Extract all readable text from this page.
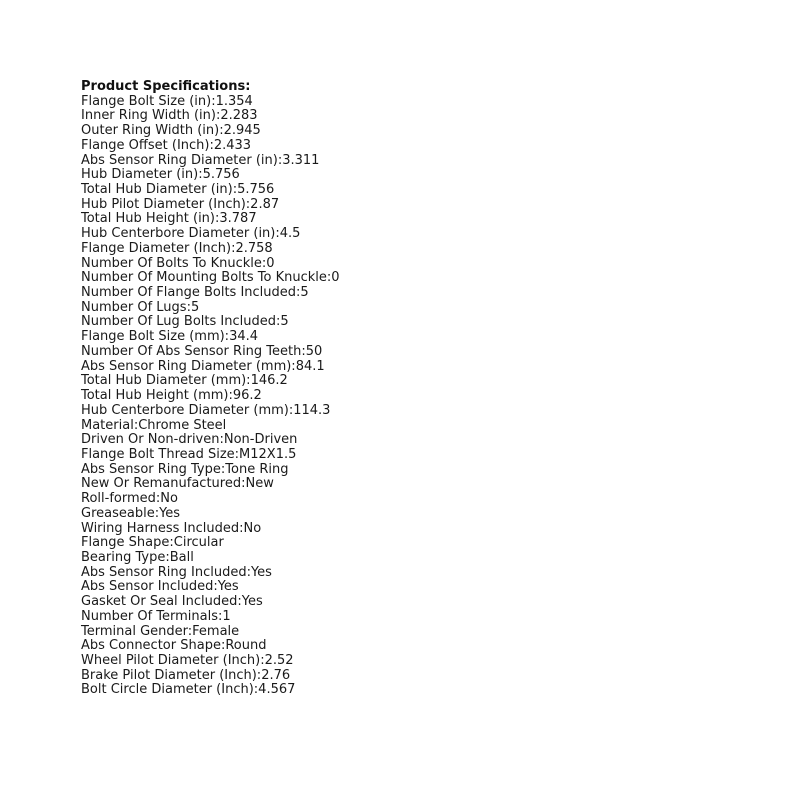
Product Specifications:
Flange Bolt Size (in):1.354
Inner Ring Width (in):2.283
Outer Ring Width (in):2.945
Flange Offset (Inch):2.433
Abs Sensor Ring Diameter (in):3.311
Hub Diameter (in):5.756
Total Hub Diameter (in):5.756
Hub Pilot Diameter (Inch):2.87
Total Hub Height (in):3.787
Hub Centerbore Diameter (in):4.5
Flange Diameter (Inch):2.758
Number Of Bolts To Knuckle:0
Number Of Mounting Bolts To Knuckle:0
Number Of Flange Bolts Included:5
Number Of Lugs:5
Number Of Lug Bolts Included:5
Flange Bolt Size (mm):34.4
Number Of Abs Sensor Ring Teeth:50
Abs Sensor Ring Diameter (mm):84.1
Total Hub Diameter (mm):146.2
Total Hub Height (mm):96.2
Hub Centerbore Diameter (mm):114.3
Material:Chrome Steel
Driven Or Non-driven:Non-Driven
Flange Bolt Thread Size:M12X1.5
Abs Sensor Ring Type:Tone Ring
New Or Remanufactured:New
Roll-formed:No
Greaseable:Yes
Wiring Harness Included:No
Flange Shape:Circular
Bearing Type:Ball
Abs Sensor Ring Included:Yes
Abs Sensor Included:Yes
Gasket Or Seal Included:Yes
Number Of Terminals:1
Terminal Gender:Female
Abs Connector Shape:Round
Wheel Pilot Diameter (Inch):2.52
Brake Pilot Diameter (Inch):2.76
Bolt Circle Diameter (Inch):4.567
